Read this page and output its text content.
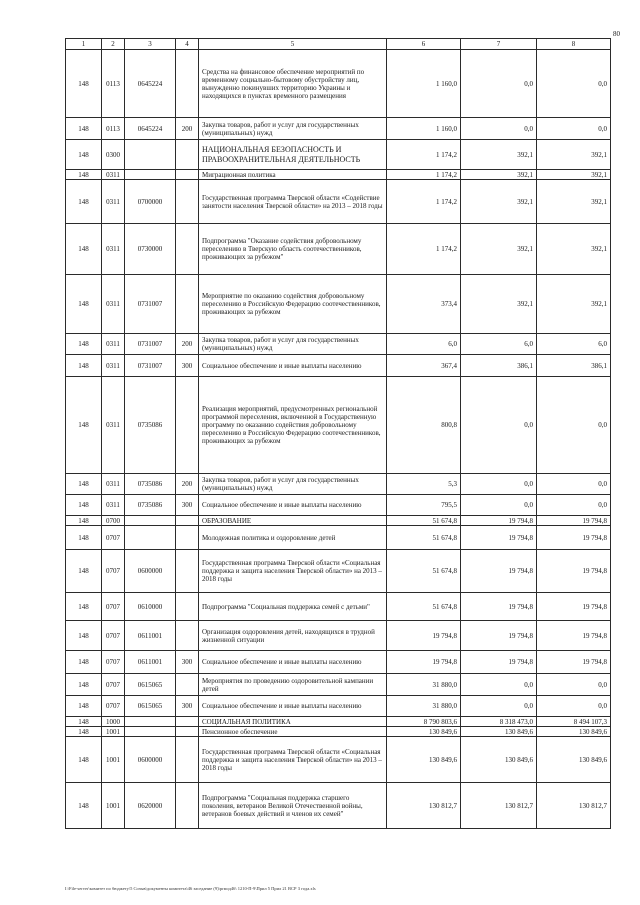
80
1	2	3	4	5	6	7	8
148	0113	0645224		Средства на финансовое обеспечение мероприятий по временному социально-бытовому обустройству лиц, вынужденно покинувших территорию Украины и находящихся в пунктах временного размещения	1 160,0	0,0	0,0
148	0113	0645224	200	Закупка товаров, работ и услуг для государственных (муниципальных) нужд	1 160,0	0,0	0,0
148	0300			НАЦИОНАЛЬНАЯ БЕЗОПАСНОСТЬ И ПРАВООХРАНИТЕЛЬНАЯ ДЕЯТЕЛЬНОСТЬ	1 174,2	392,1	392,1
148	0311			Миграционная политика	1 174,2	392,1	392,1
148	0311	0700000		Государственная программа Тверской области «Содействие занятости населения Тверской области» на 2013 – 2018 годы	1 174,2	392,1	392,1
148	0311	0730000		Подпрограмма "Оказание содействия добровольному переселению в Тверскую область соотечественников, проживающих за рубежом"	1 174,2	392,1	392,1
148	0311	0731007		Мероприятие по оказанию содействия добровольному переселению в Российскую Федерацию соотечественников, проживающих за рубежом	373,4	392,1	392,1
148	0311	0731007	200	Закупка товаров, работ и услуг для государственных (муниципальных) нужд	6,0	6,0	6,0
148	0311	0731007	300	Социальное обеспечение и иные выплаты населению	367,4	386,1	386,1
148	0311	0735086		Реализация мероприятий, предусмотренных региональной программой переселения, включенной в Государственную программу по оказанию содействия добровольному переселению в Российскую Федерацию соотечественников, проживающих за рубежом	800,8	0,0	0,0
148	0311	0735086	200	Закупка товаров, работ и услуг для государственных (муниципальных) нужд	5,3	0,0	0,0
148	0311	0735086	300	Социальное обеспечение и иные выплаты населению	795,5	0,0	0,0
148	0700			ОБРАЗОВАНИЕ	51 674,8	19 794,8	19 794,8
148	0707			Молодежная политика и оздоровление детей	51 674,8	19 794,8	19 794,8
148	0707	0600000		Государственная программа Тверской области «Социальная поддержка и защита населения Тверской области» на 2013 – 2018 годы	51 674,8	19 794,8	19 794,8
148	0707	0610000		Подпрограмма "Социальная поддержка семей с детьми"	51 674,8	19 794,8	19 794,8
148	0707	0611001		Организация оздоровления детей, находящихся в трудной жизненной ситуации	19 794,8	19 794,8	19 794,8
148	0707	0611001	300	Социальное обеспечение и иные выплаты населению	19 794,8	19 794,8	19 794,8
148	0707	0615065		Мероприятия по проведению оздоровительной кампании детей	31 880,0	0,0	0,0
148	0707	0615065	300	Социальное обеспечение и иные выплаты населению	31 880,0	0,0	0,0
148	1000			СОЦИАЛЬНАЯ ПОЛИТИКА	8 790 803,6	8 318 473,0	8 494 107,3
148	1001			Пенсионное обеспечение	130 849,6	130 849,6	130 849,6
148	1001	0600000		Государственная программа Тверской области «Социальная поддержка и защита населения Тверской области» на 2013 – 2018 годы	130 849,6	130 849,6	130 849,6
148	1001	0620000		Подпрограмма "Социальная поддержка старшего поколения, ветеранов Великой Отечественной войны, ветеранов боевых действий и членов их семей"	130 812,7	130 812,7	130 812,7
I:\File-server\комитет по бюджету\5 Созыв\документы комитета\46 заседание (9)\prмод46\ 1210-П-9\Прил 5 Прил 21 ВСР 3 года.xls
